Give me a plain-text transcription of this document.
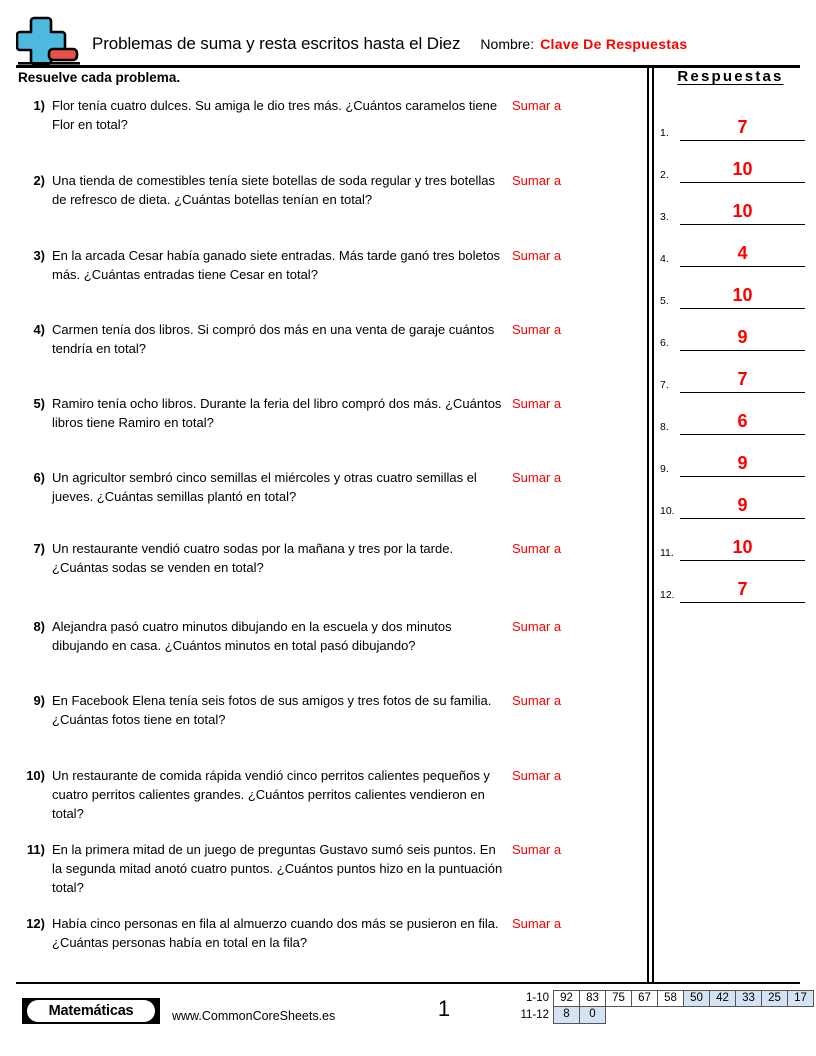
Problemas de suma y resta escritos hasta el Diez Nombre: Clave De Respuestas
Resuelve cada problema.
1) Flor tenía cuatro dulces. Su amiga le dio tres más. ¿Cuántos caramelos tiene Flor en total?
Sumar a
2) Una tienda de comestibles tenía siete botellas de soda regular y tres botellas de refresco de dieta. ¿Cuántas botellas tenían en total?
Sumar a
3) En la arcada Cesar había ganado siete entradas. Más tarde ganó tres boletos más. ¿Cuántas entradas tiene Cesar en total?
Sumar a
4) Carmen tenía dos libros. Si compró dos más en una venta de garaje cuántos tendría en total?
Sumar a
5) Ramiro tenía ocho libros. Durante la feria del libro compró dos más. ¿Cuántos libros tiene Ramiro en total?
Sumar a
6) Un agricultor sembró cinco semillas el miércoles y otras cuatro semillas el jueves. ¿Cuántas semillas plantó en total?
Sumar a
7) Un restaurante vendió cuatro sodas por la mañana y tres por la tarde. ¿Cuántas sodas se venden en total?
Sumar a
8) Alejandra pasó cuatro minutos dibujando en la escuela y dos minutos dibujando en casa. ¿Cuántos minutos en total pasó dibujando?
Sumar a
9) En Facebook Elena tenía seis fotos de sus amigos y tres fotos de su familia. ¿Cuántas fotos tiene en total?
Sumar a
10) Un restaurante de comida rápida vendió cinco perritos calientes pequeños y cuatro perritos calientes grandes. ¿Cuántos perritos calientes vendieron en total?
Sumar a
11) En la primera mitad de un juego de preguntas Gustavo sumó seis puntos. En la segunda mitad anotó cuatro puntos. ¿Cuántos puntos hizo en la puntuación total?
Sumar a
12) Había cinco personas en fila al almuerzo cuando dos más se pusieron en fila. ¿Cuántas personas había en total en la fila?
Sumar a
Respuestas
1.	7
2.	10
3.	10
4.	4
5.	10
6.	9
7.	7
8.	6
9.	9
10.	9
11.	10
12.	7
Matemáticas	www.CommonCoreSheets.es	1	1-10 92	83	75	67	58	50	42	33	25	17
11-12	8	0
